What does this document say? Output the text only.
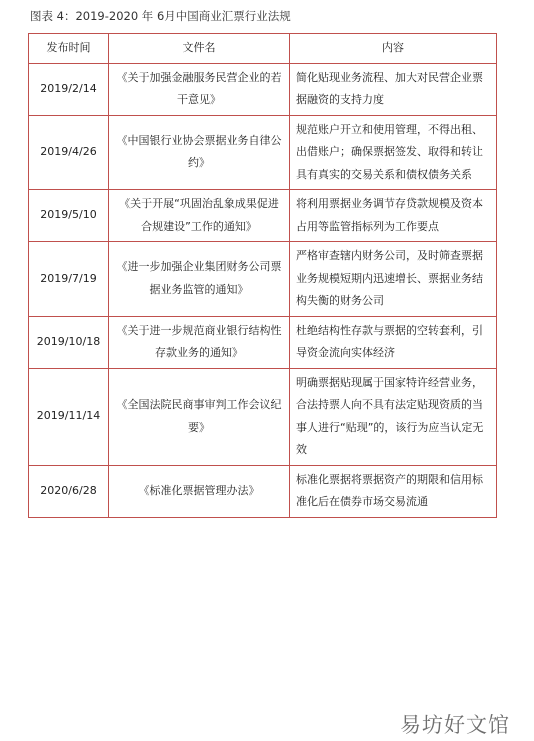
图表 4：2019-2020 年 6月中国商业汇票行业法规
发布时间	文件名	内容
2019/2/14	《关于加强金融服务民营企业的若干意见》	简化贴现业务流程、加大对民营企业票据融资的支持力度
2019/4/26	《中国银行业协会票据业务自律公约》	规范账户开立和使用管理，不得出租、出借账户；确保票据签发、取得和转让具有真实的交易关系和债权债务关系
2019/5/10	《关于开展“巩固治乱象成果促进合规建设”工作的通知》	将利用票据业务调节存贷款规模及资本占用等监管指标列为工作要点
2019/7/19	《进一步加强企业集团财务公司票据业务监管的通知》	严格审查辖内财务公司，及时筛查票据业务规模短期内迅速增长、票据业务结构失衡的财务公司
2019/10/18	《关于进一步规范商业银行结构性存款业务的通知》	杜绝结构性存款与票据的空转套利，引导资金流向实体经济
2019/11/14	《全国法院民商事审判工作会议纪要》	明确票据贴现属于国家特许经营业务，合法持票人向不具有法定贴现资质的当事人进行“贴现”的，该行为应当认定无效
2020/6/28	《标准化票据管理办法》	标准化票据将票据资产的期限和信用标准化后在债券市场交易流通
易坊好文馆
